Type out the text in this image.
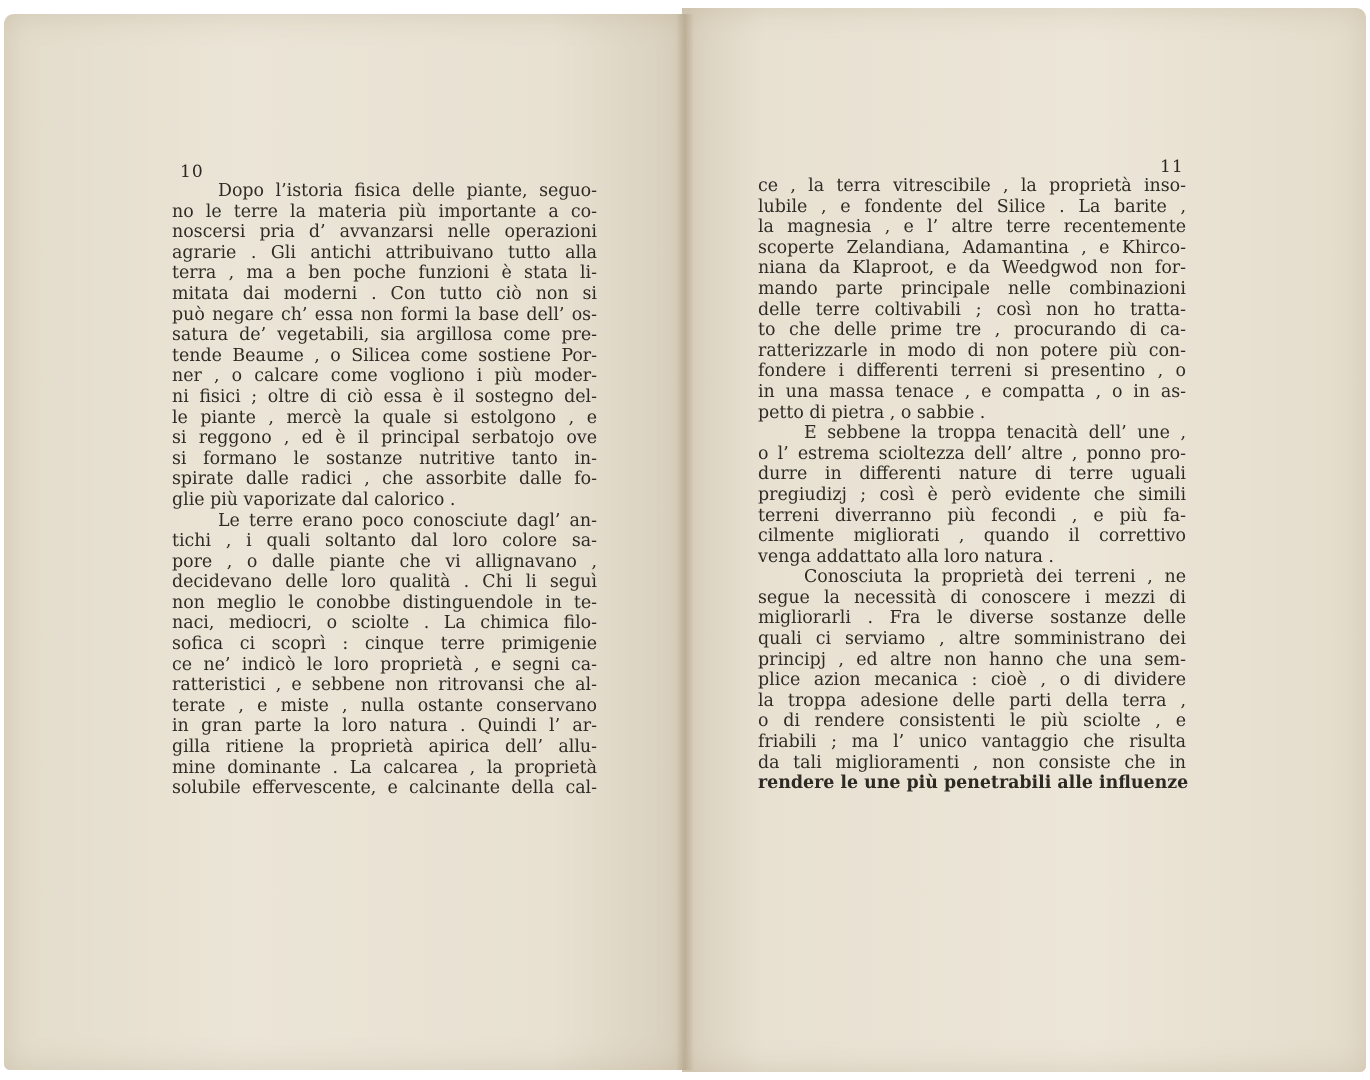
10	11
Dopo l’istoria fisica delle piante, seguo-
no le terre la materia più importante a co-
noscersi pria d’ avvanzarsi nelle operazioni
agrarie . Gli antichi attribuivano tutto alla
terra , ma a ben poche funzioni è stata li-
mitata dai moderni . Con tutto ciò non si
può negare ch’ essa non formi la base dell’ os-
satura de’ vegetabili, sia argillosa come pre-
tende Beaume , o Silicea come sostiene Por-
ner , o calcare come vogliono i più moder-
ni fisici ; oltre di ciò essa è il sostegno del-
le piante , mercè la quale si estolgono , e
si reggono , ed è il principal serbatojo ove
si formano le sostanze nutritive tanto in-
spirate dalle radici , che assorbite dalle fo-
glie più vaporizate dal calorico .
Le terre erano poco conosciute dagl’ an-
tichi , i quali soltanto dal loro colore sa-
pore , o dalle piante che vi allignavano ,
decidevano delle loro qualità . Chi li seguì
non meglio le conobbe distinguendole in te-
naci, mediocri, o sciolte . La chimica filo-
sofica ci scoprì : cinque terre primigenie
ce ne’ indicò le loro proprietà , e segni ca-
ratteristici , e sebbene non ritrovansi che al-
terate , e miste , nulla ostante conservano
in gran parte la loro natura . Quindi l’ ar-
gilla ritiene la proprietà apirica dell’ allu-
mine dominante . La calcarea , la proprietà
solubile effervescente, e calcinante della cal-
ce , la terra vitrescibile , la proprietà inso-
lubile , e fondente del Silice . La barite ,
la magnesia , e l’ altre terre recentemente
scoperte Zelandiana, Adamantina , e Khirco-
niana da Klaproot, e da Weedgwod non for-
mando parte principale nelle combinazioni
delle terre coltivabili ; così non ho tratta-
to che delle prime tre , procurando di ca-
ratterizzarle in modo di non potere più con-
fondere i differenti terreni si presentino , o
in una massa tenace , e compatta , o in as-
petto di pietra , o sabbie .
E sebbene la troppa tenacità dell’ une ,
o l’ estrema scioltezza dell’ altre , ponno pro-
durre in differenti nature di terre uguali
pregiudizj ; così è però evidente che simili
terreni diverranno più fecondi , e più fa-
cilmente migliorati , quando il correttivo
venga addattato alla loro natura .
Conosciuta la proprietà dei terreni , ne
segue la necessità di conoscere i mezzi di
migliorarli . Fra le diverse sostanze delle
quali ci serviamo , altre somministrano dei
principj , ed altre non hanno che una sem-
plice azion mecanica : cioè , o di dividere
la troppa adesione delle parti della terra ,
o di rendere consistenti le più sciolte , e
friabili ; ma l’ unico vantaggio che risulta
da tali miglioramenti , non consiste che in
rendere le une più penetrabili alle influenze
